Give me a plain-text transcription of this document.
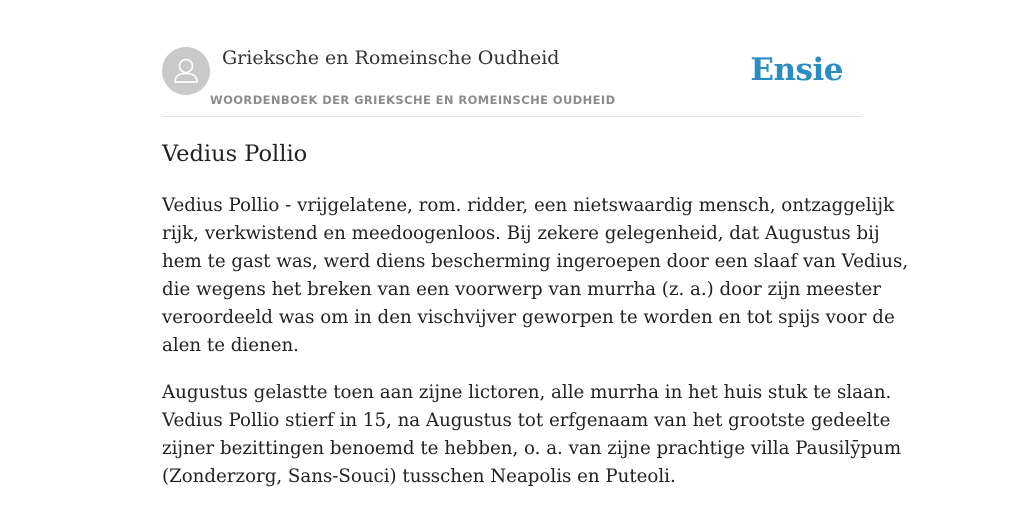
Grieksche en Romeinsche Oudheid
WOORDENBOEK DER GRIEKSCHE EN ROMEINSCHE OUDHEID
Ensie
Vedius Pollio

Vedius Pollio - vrijgelatene, rom. ridder, een nietswaardig mensch, ontzaggelijk
rijk, verkwistend en meedoogenloos. Bij zekere gelegenheid, dat Augustus bij
hem te gast was, werd diens bescherming ingeroepen door een slaaf van Vedius,
die wegens het breken van een voorwerp van murrha (z. a.) door zijn meester
veroordeeld was om in den vischvijver geworpen te worden en tot spijs voor de
alen te dienen.

Augustus gelastte toen aan zijne lictoren, alle murrha in het huis stuk te slaan.
Vedius Pollio stierf in 15, na Augustus tot erfgenaam van het grootste gedeelte
zijner bezittingen benoemd te hebben, o. a. van zijne prachtige villa Pausilȳpum
(Zonderzorg, Sans-Souci) tusschen Neapolis en Puteoli.
